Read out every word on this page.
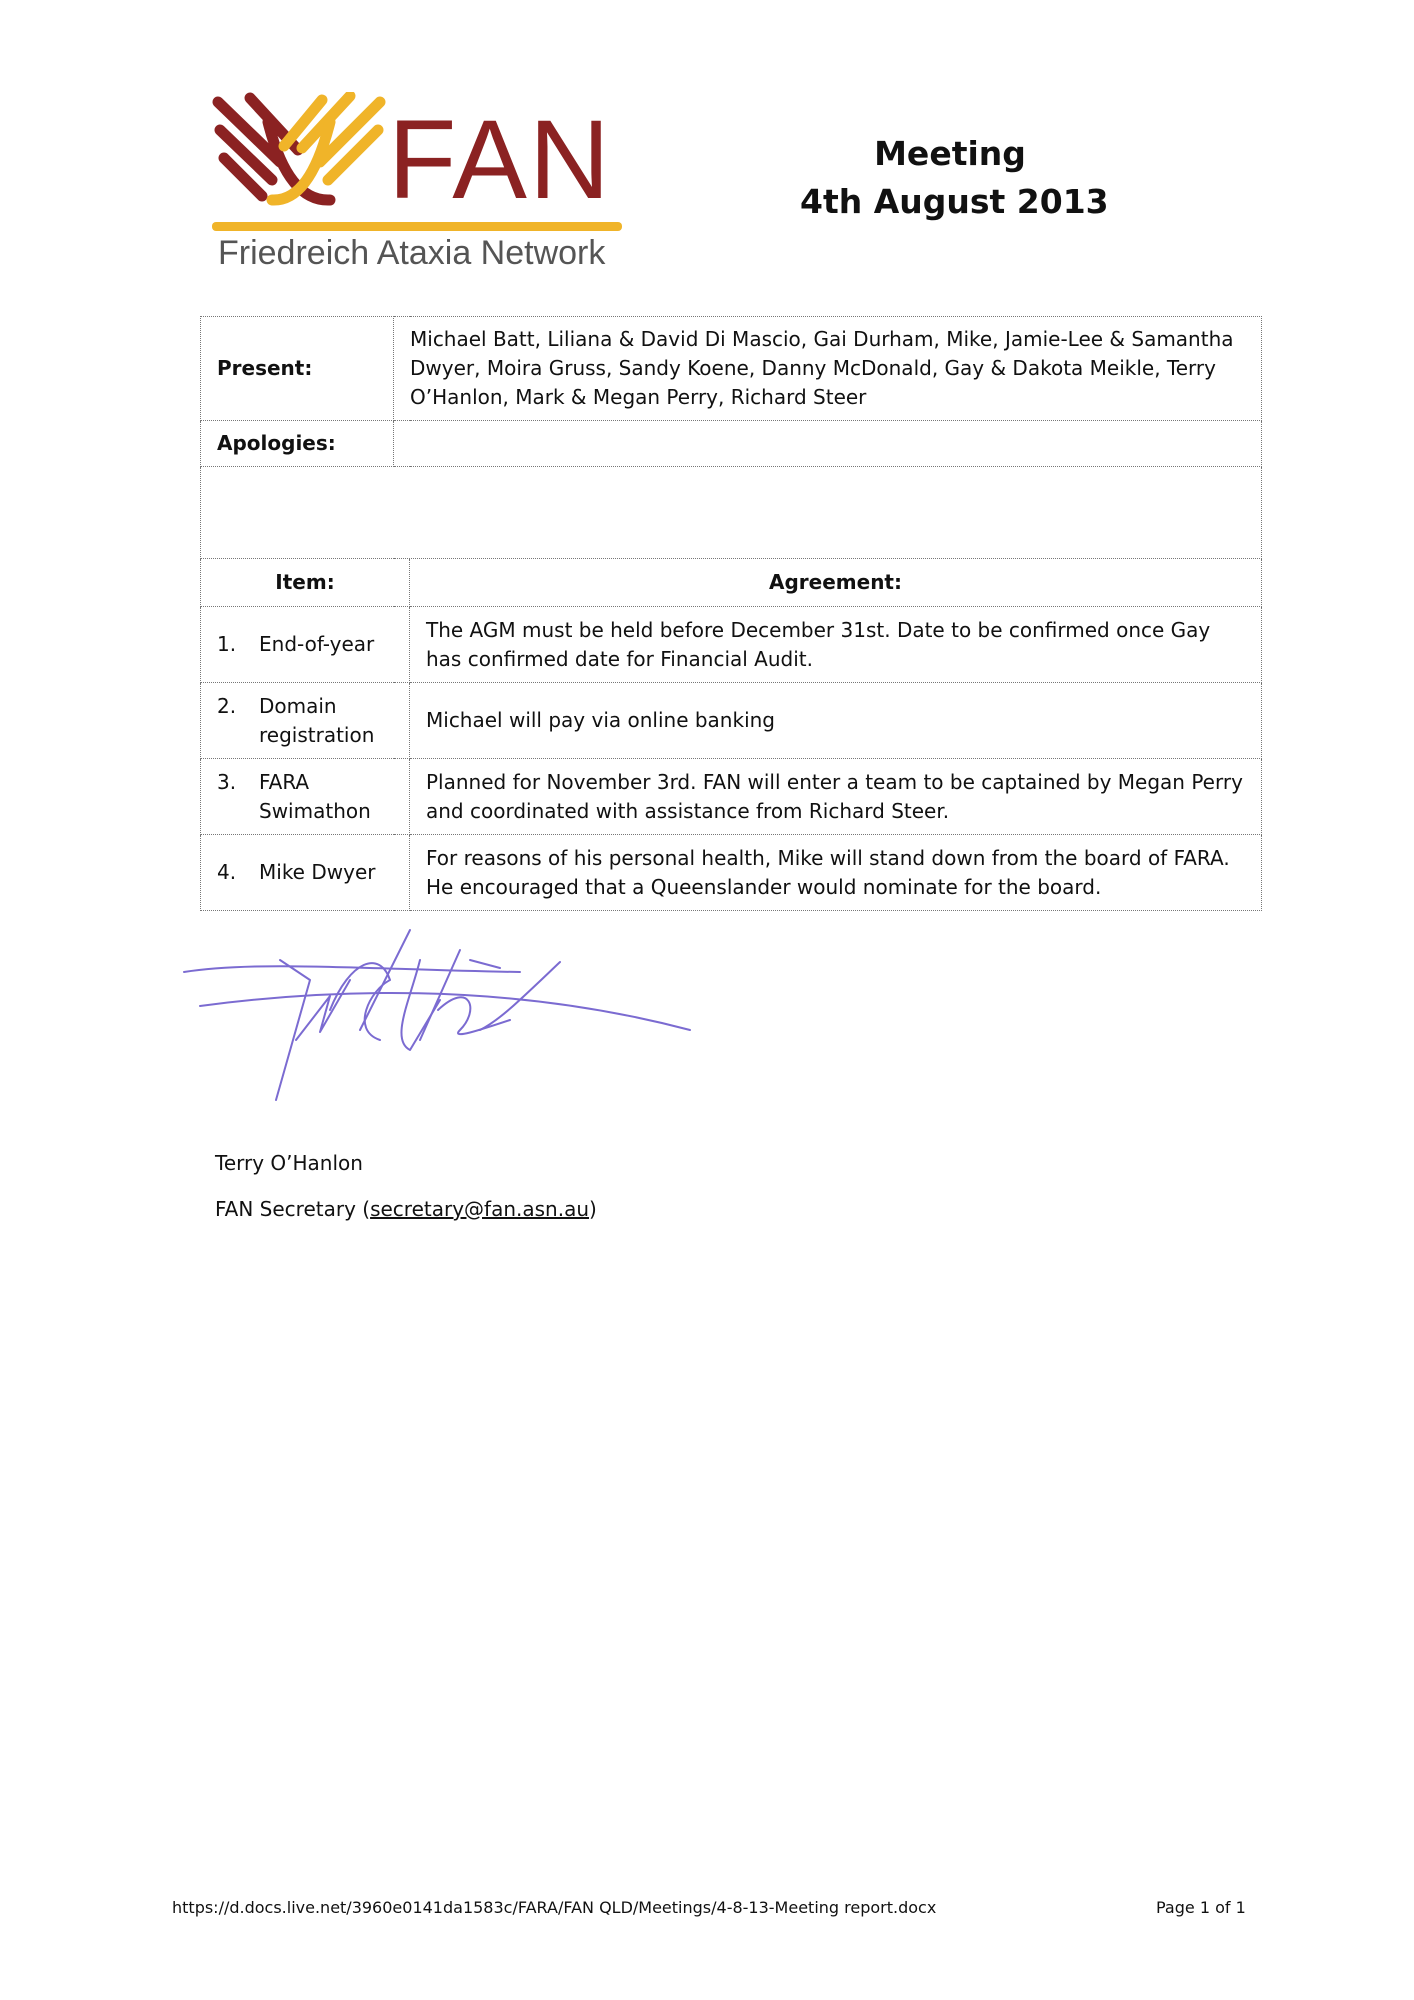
FAN
Friedreich Ataxia Network
Meeting
4th August 2013
Present:	Michael Batt, Liliana & David Di Mascio, Gai Durham, Mike, Jamie-Lee & Samantha Dwyer, Moira Gruss, Sandy Koene, Danny McDonald, Gay & Dakota Meikle, Terry O’Hanlon, Mark & Megan Perry, Richard Steer	
Apologies:		

Item:		Agreement:
1. End-of-year		The AGM must be held before December 31st. Date to be confirmed once Gay has confirmed date for Financial Audit.
2. Domain registration		Michael will pay via online banking
3. FARA Swimathon		Planned for November 3rd. FAN will enter a team to be captained by Megan Perry and coordinated with assistance from Richard Steer.
4. Mike Dwyer		For reasons of his personal health, Mike will stand down from the board of FARA. He encouraged that a Queenslander would nominate for the board.
Terry O’Hanlon
FAN Secretary (secretary@fan.asn.au)
https://d.docs.live.net/3960e0141da1583c/FARA/FAN QLD/Meetings/4-8-13-Meeting report.docx	Page 1 of 1
